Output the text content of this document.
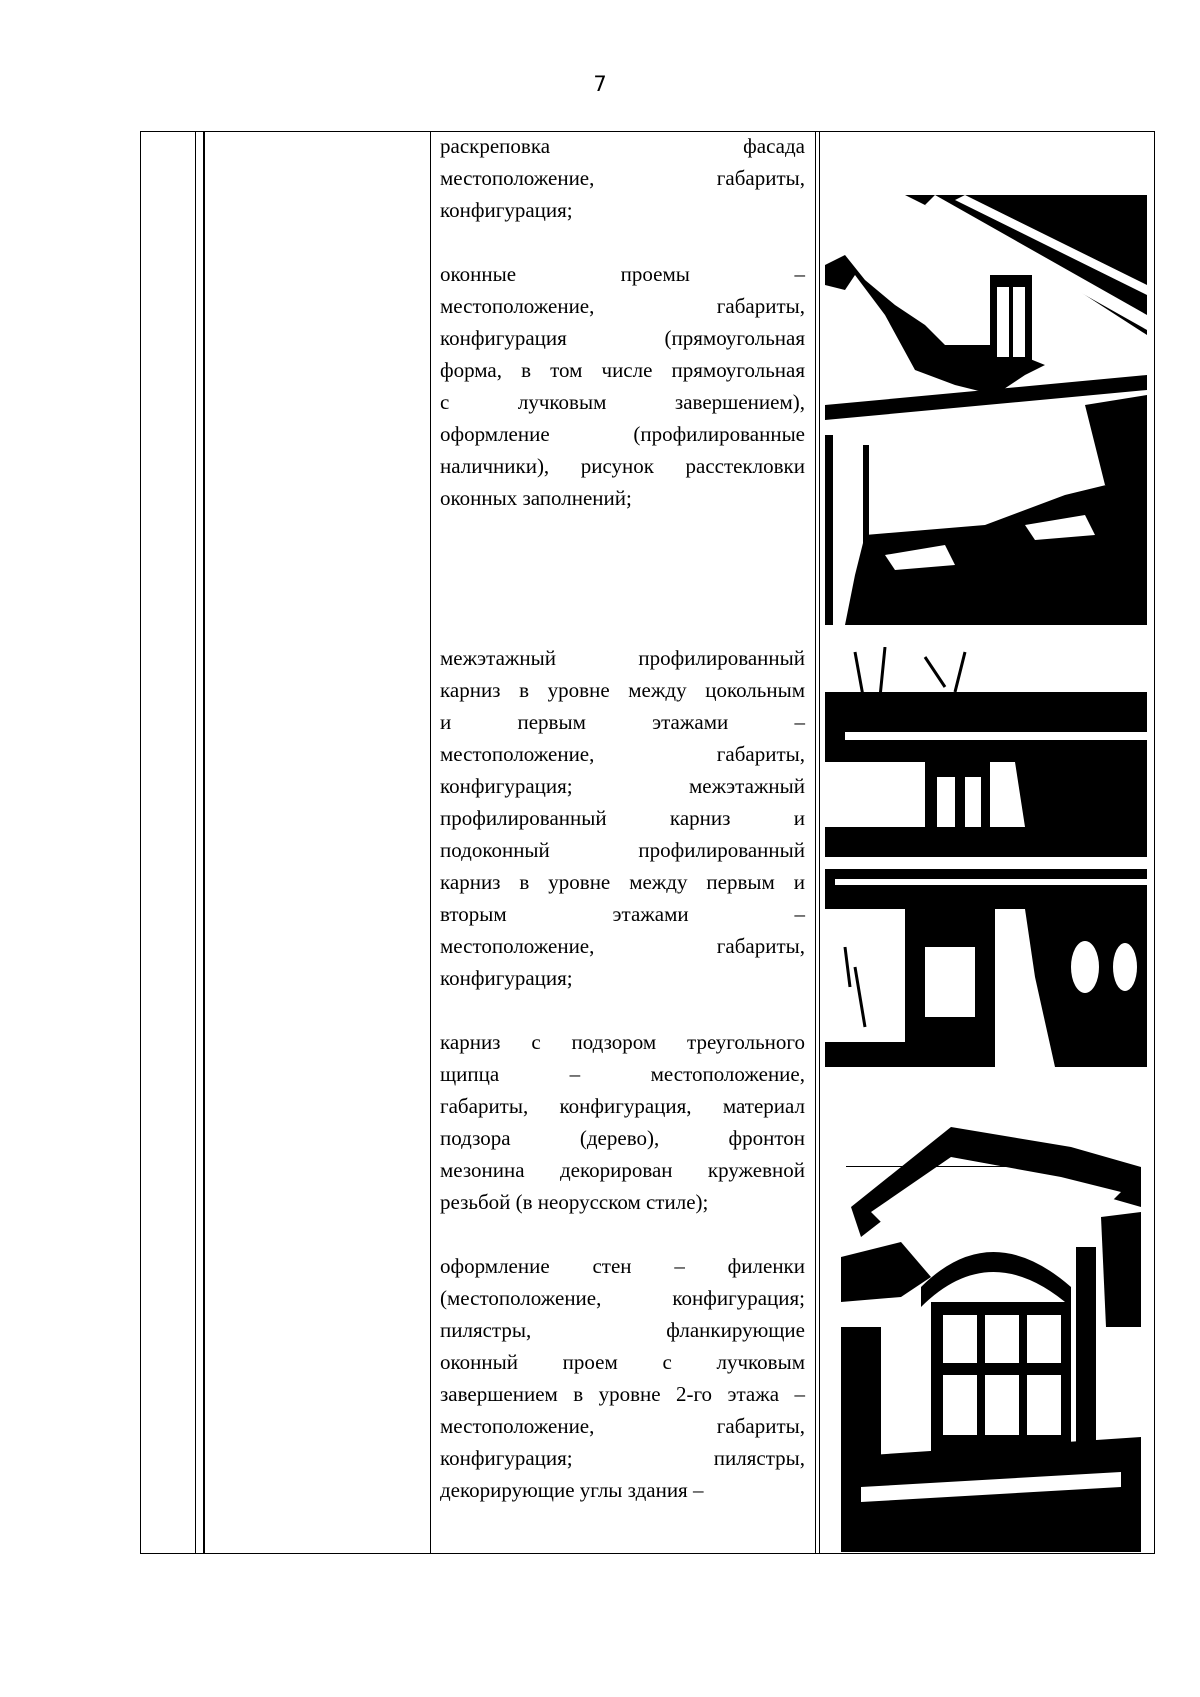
7
раскреповка фасада
местоположение, габариты,
конфигурация;
оконные проемы –
местоположение, габариты,
конфигурация (прямоугольная
форма, в том числе прямоугольная
с лучковым завершением),
оформление (профилированные
наличники), рисунок расстекловки
оконных заполнений;
межэтажный профилированный
карниз в уровне между цокольным
и первым этажами –
местоположение, габариты,
конфигурация; межэтажный
профилированный карниз и
подоконный профилированный
карниз в уровне между первым и
вторым этажами –
местоположение, габариты,
конфигурация;
карниз с подзором треугольного
щипца – местоположение,
габариты, конфигурация, материал
подзора (дерево), фронтон
мезонина декорирован кружевной
резьбой (в неорусском стиле);
оформление стен – филенки
(местоположение, конфигурация;
пилястры, фланкирующие
оконный проем с лучковым
завершением в уровне 2-го этажа –
местоположение, габариты,
конфигурация; пилястры,
декорирующие углы здания –
